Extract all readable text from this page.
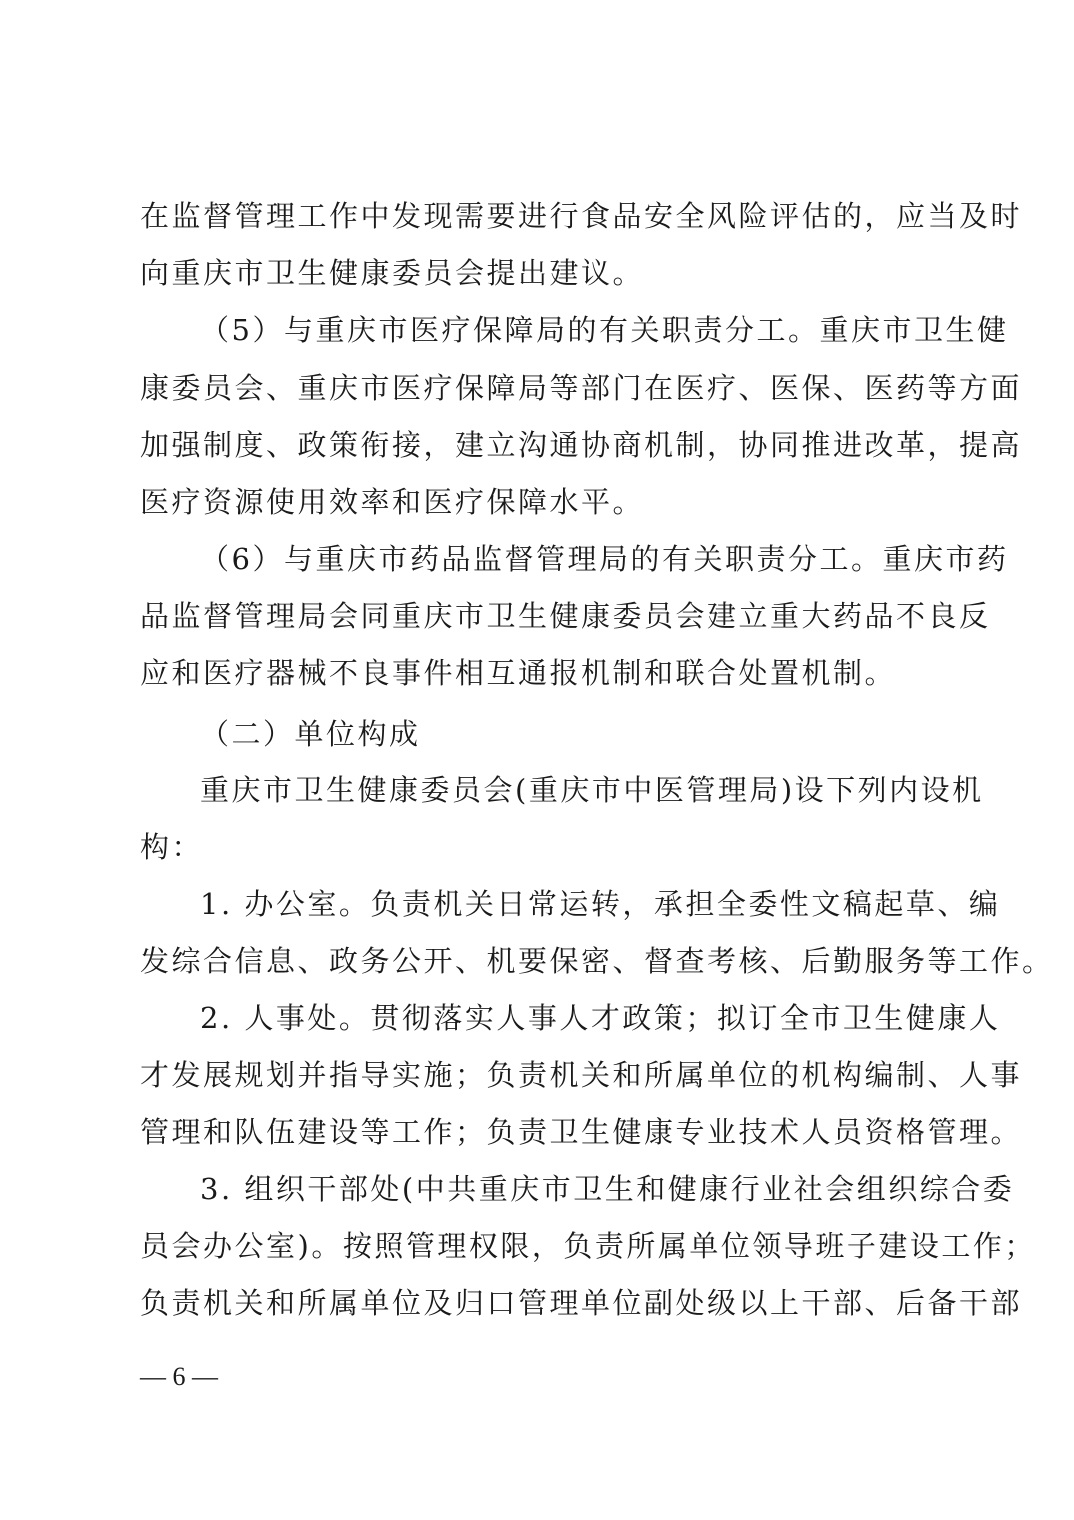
在监督管理工作中发现需要进行食品安全风险评估的，应当及时
向重庆市卫生健康委员会提出建议。
（5）与重庆市医疗保障局的有关职责分工。重庆市卫生健
康委员会、重庆市医疗保障局等部门在医疗、医保、医药等方面
加强制度、政策衔接，建立沟通协商机制，协同推进改革，提高
医疗资源使用效率和医疗保障水平。
（6）与重庆市药品监督管理局的有关职责分工。重庆市药
品监督管理局会同重庆市卫生健康委员会建立重大药品不良反
应和医疗器械不良事件相互通报机制和联合处置机制。
（二）单位构成
重庆市卫生健康委员会(重庆市中医管理局)设下列内设机
构：
1. 办公室。负责机关日常运转，承担全委性文稿起草、编
发综合信息、政务公开、机要保密、督查考核、后勤服务等工作。
2. 人事处。贯彻落实人事人才政策；拟订全市卫生健康人
才发展规划并指导实施；负责机关和所属单位的机构编制、人事
管理和队伍建设等工作；负责卫生健康专业技术人员资格管理。
3. 组织干部处(中共重庆市卫生和健康行业社会组织综合委
员会办公室)。按照管理权限，负责所属单位领导班子建设工作；
负责机关和所属单位及归口管理单位副处级以上干部、后备干部
— 6 —
